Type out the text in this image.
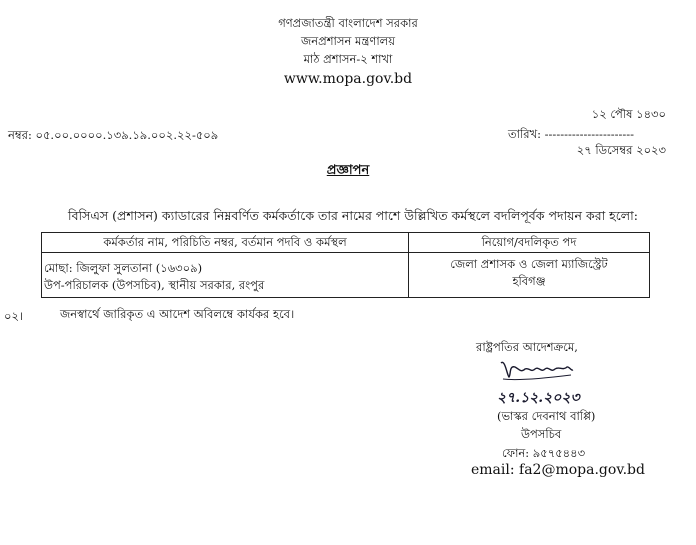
গণপ্রজাতন্ত্রী বাংলাদেশ সরকার
জনপ্রশাসন মন্ত্রণালয়
মাঠ প্রশাসন-২ শাখা
www.mopa.gov.bd
নম্বর: ০৫.০০.০০০০.১৩৯.১৯.০০২.২২-৫০৯
১২ পৌষ ১৪৩০
তারিখ: -----------------------
২৭ ডিসেম্বর ২০২৩
প্রজ্ঞাপন
বিসিএস (প্রশাসন) ক্যাডারের নিম্নবর্ণিত কর্মকর্তাকে তার নামের পাশে উল্লিখিত কর্মস্থলে বদলিপূর্বক পদায়ন করা হলো:
কর্মকর্তার নাম, পরিচিতি নম্বর, বর্তমান পদবি ও কর্মস্থল	নিয়োগ/বদলিকৃত পদ
মোছা: জিলুফা সুলতানা (১৬৩০৯)
উপ-পরিচালক (উপসচিব), স্থানীয় সরকার, রংপুর
জেলা প্রশাসক ও জেলা ম্যাজিস্ট্রেট
হবিগঞ্জ
০২।	জনস্বার্থে জারিকৃত এ আদেশ অবিলম্বে কার্যকর হবে।
রাষ্ট্রপতির আদেশক্রমে,
২৭.১২.২০২৩
(ভাস্কর দেবনাথ বাপ্পি)
উপসচিব
ফোন: ৯৫৭৫৪৪৩
email: fa2@mopa.gov.bd
